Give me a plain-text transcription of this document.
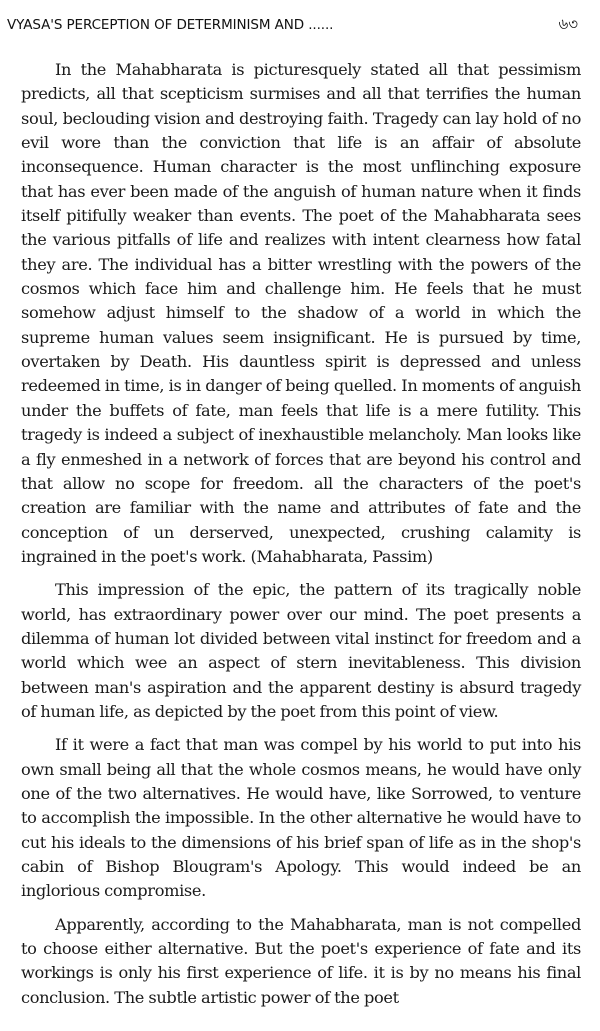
VYASA'S PERCEPTION OF DETERMINISM AND ......	৬৩

In the Mahabharata is picturesquely stated all that pessimism predicts, all that scepticism surmises and all that terrifies the human soul, beclouding vision and destroying faith. Tragedy can lay hold of no evil wore than the conviction that life is an affair of absolute inconsequence. Human character is the most unflinching exposure that has ever been made of the anguish of human nature when it finds itself pitifully weaker than events. The poet of the Mahabharata sees the various pitfalls of life and realizes with intent clearness how fatal they are. The individual has a bitter wrestling with the powers of the cosmos which face him and challenge him. He feels that he must somehow adjust himself to the shadow of a world in which the supreme human values seem insignificant. He is pursued by time, overtaken by Death. His dauntless spirit is depressed and unless redeemed in time, is in danger of being quelled. In moments of anguish under the buffets of fate, man feels that life is a mere futility. This tragedy is indeed a subject of inexhaustible melancholy. Man looks like a fly enmeshed in a network of forces that are beyond his control and that allow no scope for freedom. all the characters of the poet's creation are familiar with the name and attributes of fate and the conception of un derserved, unexpected, crushing calamity is ingrained in the poet's work. (Mahabharata, Passim)

This impression of the epic, the pattern of its tragically noble world, has extraordinary power over our mind. The poet presents a dilemma of human lot divided between vital instinct for freedom and a world which wee an aspect of stern inevitableness. This division between man's aspiration and the apparent destiny is absurd tragedy of human life, as depicted by the poet from this point of view.

If it were a fact that man was compel by his world to put into his own small being all that the whole cosmos means, he would have only one of the two alternatives. He would have, like Sorrowed, to venture to accomplish the impossible. In the other alternative he would have to cut his ideals to the dimensions of his brief span of life as in the shop's cabin of Bishop Blougram's Apology. This would indeed be an inglorious compromise.

Apparently, according to the Mahabharata, man is not compelled to choose either alternative. But the poet's experience of fate and its workings is only his first experience of life. it is by no means his final conclusion. The subtle artistic power of the poet
